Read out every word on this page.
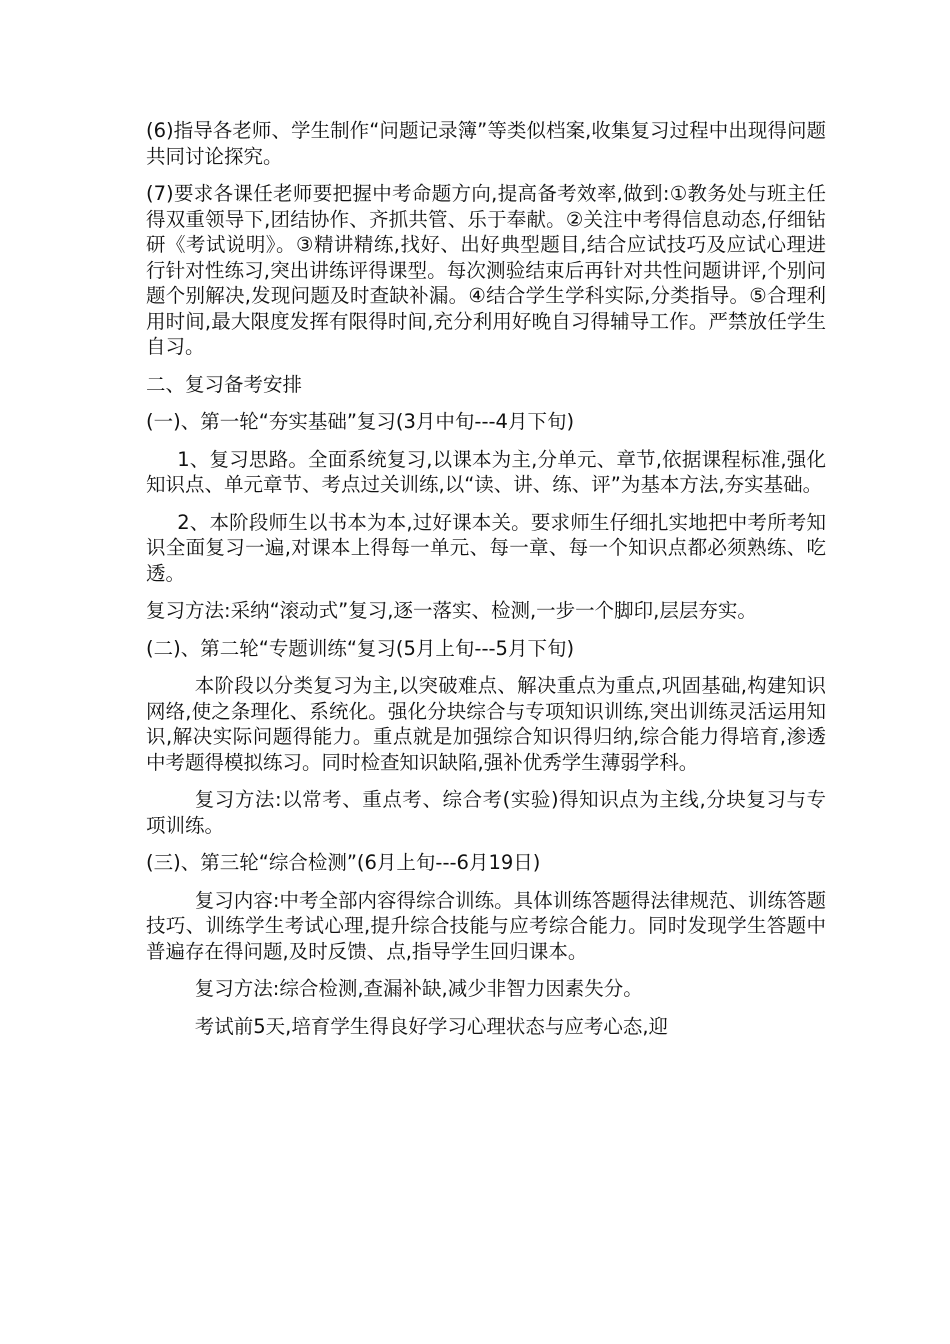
(6)指导各老师、学生制作“问题记录簿”等类似档案,收集复习过程中出现得问题共同讨论探究。

(7)要求各课任老师要把握中考命题方向,提高备考效率,做到:①教务处与班主任得双重领导下,团结协作、齐抓共管、乐于奉献。②关注中考得信息动态,仔细钻研《考试说明》。③精讲精练,找好、出好典型题目,结合应试技巧及应试心理进行针对性练习,突出讲练评得课型。每次测验结束后再针对共性问题讲评,个别问题个别解决,发现问题及时查缺补漏。④结合学生学科实际,分类指导。⑤合理利用时间,最大限度发挥有限得时间,充分利用好晚自习得辅导工作。严禁放任学生自习。

二、复习备考安排

(一)、第一轮“夯实基础”复习(3月中旬---4月下旬)

1、复习思路。全面系统复习,以课本为主,分单元、章节,依据课程标准,强化知识点、单元章节、考点过关训练,以“读、讲、练、评”为基本方法,夯实基础。

2、本阶段师生以书本为本,过好课本关。要求师生仔细扎实地把中考所考知识全面复习一遍,对课本上得每一单元、每一章、每一个知识点都必须熟练、吃透。

复习方法:采纳“滚动式”复习,逐一落实、检测,一步一个脚印,层层夯实。

(二)、第二轮“专题训练“复习(5月上旬---5月下旬)

本阶段以分类复习为主,以突破难点、解决重点为重点,巩固基础,构建知识网络,使之条理化、系统化。强化分块综合与专项知识训练,突出训练灵活运用知识,解决实际问题得能力。重点就是加强综合知识得归纳,综合能力得培育,渗透中考题得模拟练习。同时检查知识缺陷,强补优秀学生薄弱学科。

复习方法:以常考、重点考、综合考(实验)得知识点为主线,分块复习与专项训练。

(三)、第三轮“综合检测”(6月上旬---6月19日)

复习内容:中考全部内容得综合训练。具体训练答题得法律规范、训练答题技巧、训练学生考试心理,提升综合技能与应考综合能力。同时发现学生答题中普遍存在得问题,及时反馈、点,指导学生回归课本。

复习方法:综合检测,查漏补缺,减少非智力因素失分。

考试前5天,培育学生得良好学习心理状态与应考心态,迎
